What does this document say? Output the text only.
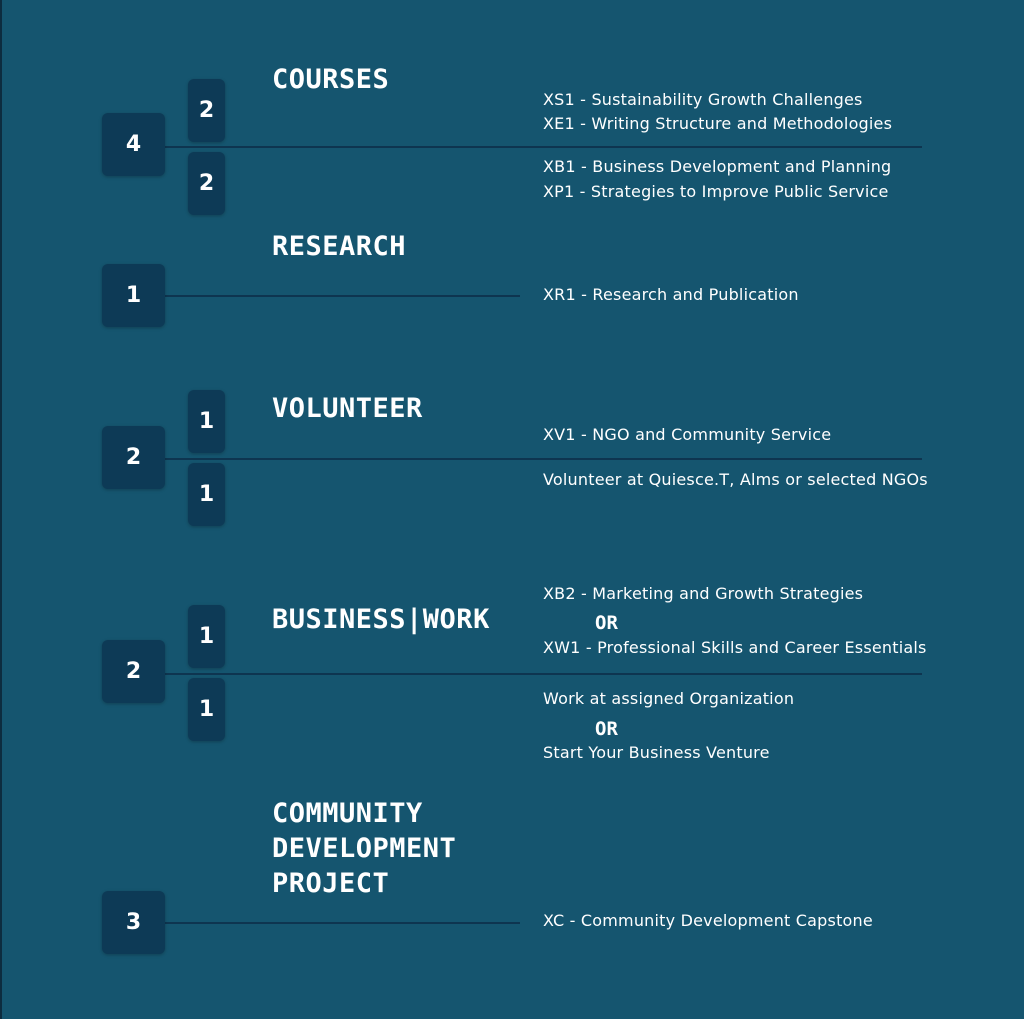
4
2
2
COURSES
XS1 - Sustainability Growth Challenges
XE1 - Writing Structure and Methodologies
XB1 - Business Development and Planning
XP1 - Strategies to Improve Public Service
1
RESEARCH
XR1 - Research and Publication
2
1
1
VOLUNTEER
XV1 - NGO and Community Service
Volunteer at Quiesce.T, Alms or selected NGOs
2
1
1
BUSINESS|WORK
XB2 - Marketing and Growth Strategies
OR
XW1 - Professional Skills and Career Essentials
Work at assigned Organization
OR
Start Your Business Venture
3
COMMUNITY
DEVELOPMENT
PROJECT
XC - Community Development Capstone
